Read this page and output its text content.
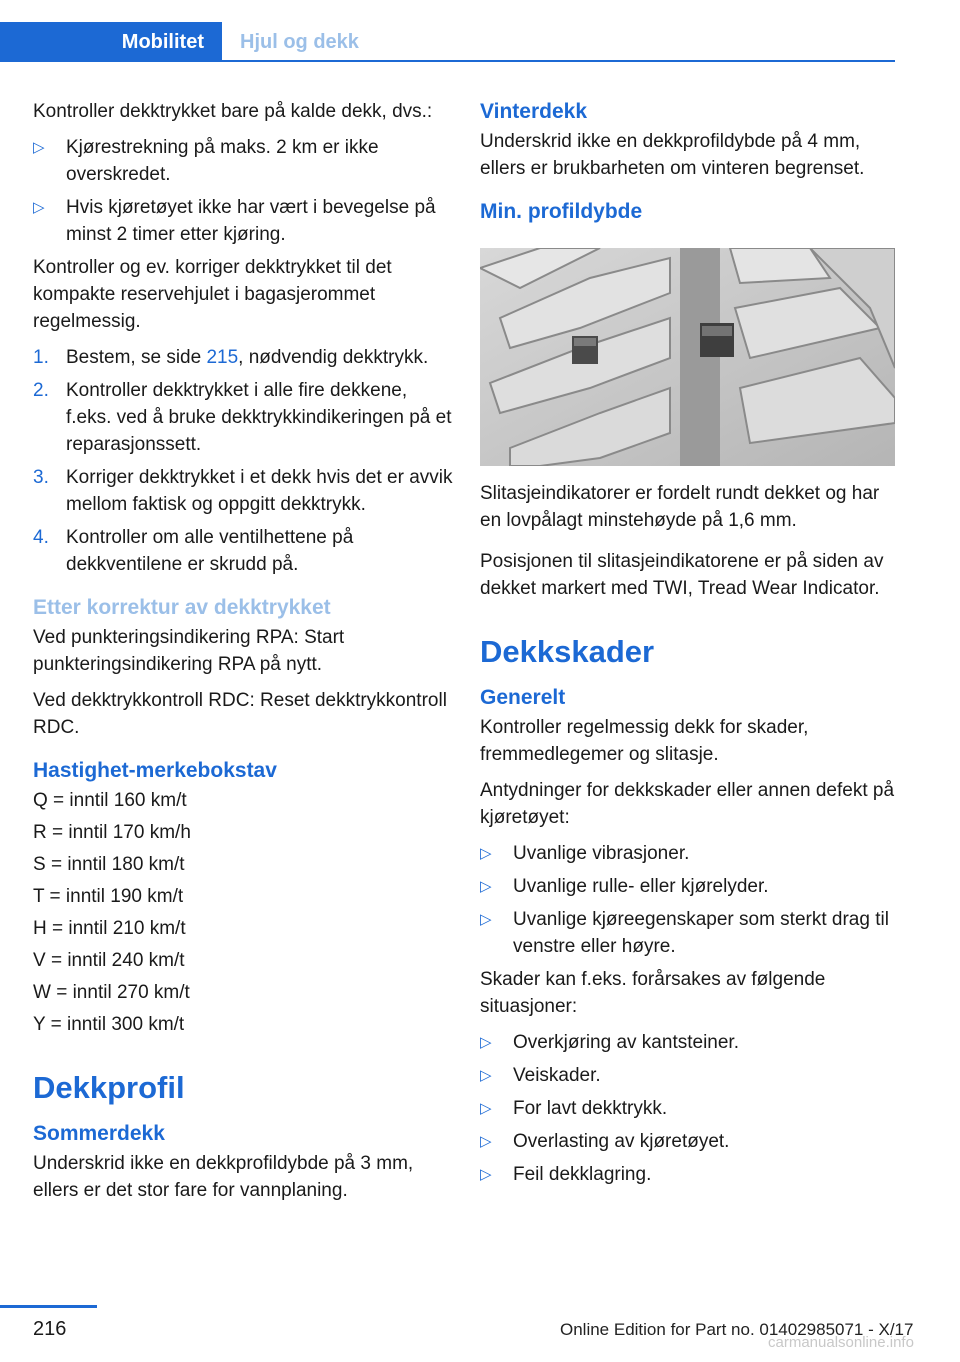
Mobilitet	Hjul og dekk

Kontroller dekktrykket bare på kalde dekk, dvs.:

▷ Kjørestrekning på maks. 2 km er ikke overskredet.
▷ Hvis kjøretøyet ikke har vært i bevegelse på minst 2 timer etter kjøring.

Kontroller og ev. korriger dekktrykket til det kompakte reservehjulet i bagasjerommet regelmessig.

1. Bestem, se side 215, nødvendig dekktrykk.
2. Kontroller dekktrykket i alle fire dekkene, f.eks. ved å bruke dekktrykkindikeringen på et reparasjonssett.
3. Korriger dekktrykket i et dekk hvis det er avvik mellom faktisk og oppgitt dekktrykk.
4. Kontroller om alle ventilhettene på dekkventilene er skrudd på.
Etter korrektur av dekktrykket

Ved punkteringsindikering RPA: Start punkteringsindikering RPA på nytt.

Ved dekktrykkontroll RDC: Reset dekktrykkontroll RDC.

Hastighet-merkebokstav

Q = inntil 160 km/t

R = inntil 170 km/h

S = inntil 180 km/t

T = inntil 190 km/t

H = inntil 210 km/t

V = inntil 240 km/t

W = inntil 270 km/t

Y = inntil 300 km/t

Dekkprofil
Sommerdekk

Underskrid ikke en dekkprofildybde på 3 mm, ellers er det stor fare for vannplaning.

Vinterdekk

Underskrid ikke en dekkprofildybde på 4 mm, ellers er brukbarheten om vinteren begrenset.

Min. profildybde

Slitasjeindikatorer er fordelt rundt dekket og har en lovpålagt minstehøyde på 1,6 mm.

Posisjonen til slitasjeindikatorene er på siden av dekket markert med TWI, Tread Wear Indicator.

Dekkskader
Generelt

Kontroller regelmessig dekk for skader, fremmedlegemer og slitasje.

Antydninger for dekkskader eller annen defekt på kjøretøyet:

▷ Uvanlige vibrasjoner.
▷ Uvanlige rulle- eller kjørelyder.
▷ Uvanlige kjøreegenskaper som sterkt drag til venstre eller høyre.

Skader kan f.eks. forårsakes av følgende situasjoner:

▷ Overkjøring av kantsteiner.
▷ Veiskader.
▷ For lavt dekktrykk.
▷ Overlasting av kjøretøyet.
▷ Feil dekklagring.
216	Online Edition for Part no. 01402985071 - X/17
carmanualsonline.info
